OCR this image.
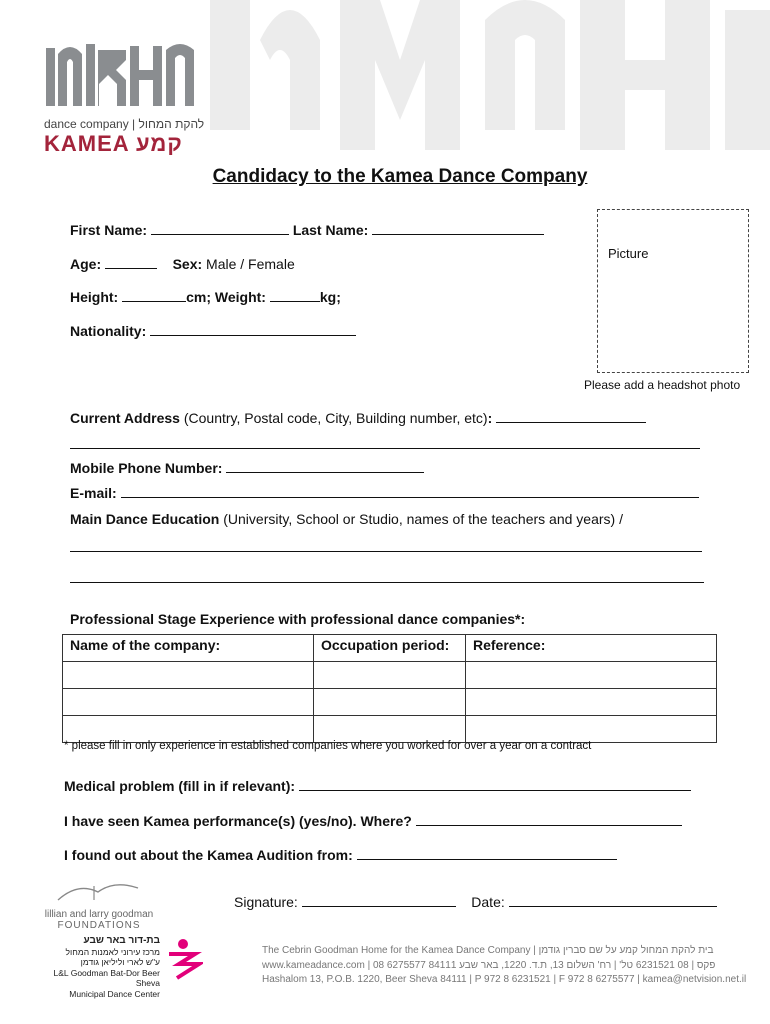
dance company | להקת המחול
KAMEA קמע
Candidacy to the Kamea Dance Company
First Name:	Last Name:
Age:	Sex: Male / Female
Height:	cm; Weight:	kg;
Nationality:
Picture
Please add a headshot photo
Current Address (Country, Postal code, City, Building number, etc):
Mobile Phone Number:
E-mail:
Main Dance Education (University, School or Studio, names of the teachers and years) /
Professional Stage Experience with professional dance companies*:
Name of the company:	Occupation period:	Reference:

* please fill in only experience in established companies where you worked for over a year on a contract
Medical problem (fill in if relevant):
I have seen Kamea performance(s) (yes/no). Where?
I found out about the Kamea Audition from:
Signature:	Date:
lillian and larry goodman
FOUNDATIONS
בת-דור באר שבע
מרכז עירוני לאמנות המחול
ע"ש לארי וליליאן גודמן
L&L Goodman Bat-Dor Beer Sheva
Municipal Dance Center
The Cebrin Goodman Home for the Kamea Dance Company | בית להקת המחול קמע על שם סברין גודמן
www.kameadance.com | 08 6275577 פקס | 08 6231521 טל' | רח' השלום 13, ת.ד. 1220, באר שבע 84111
Hashalom 13, P.O.B. 1220, Beer Sheva 84111 | P 972 8 6231521 | F 972 8 6275577 | kamea@netvision.net.il
